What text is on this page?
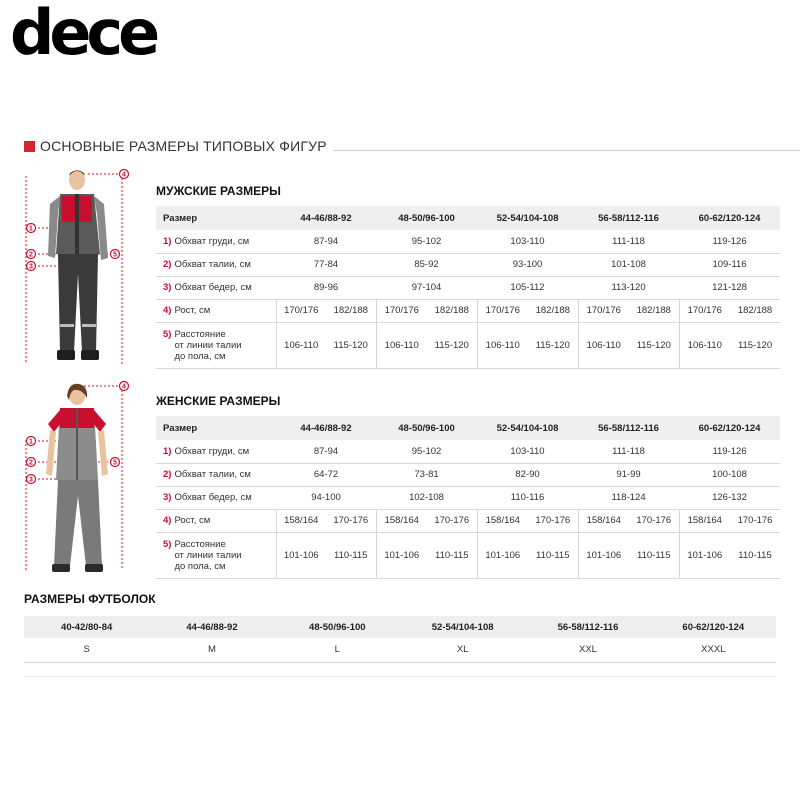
dece
ОСНОВНЫЕ РАЗМЕРЫ ТИПОВЫХ ФИГУР
1
2
3
4
5
1
2
3
4
5
МУЖСКИЕ РАЗМЕРЫ
Размер	44-46/88-92		48-50/96-100		52-54/104-108		56-58/112-116		60-62/120-124	
1) Обхват груди, см	87-94		95-102		103-110		111-118		119-126	
2) Обхват талии, см	77-84		85-92		93-100		101-108		109-116	
3) Обхват бедер, см	89-96		97-104		105-112		113-120		121-128	
4) Рост, см	170/176	182/188	170/176	182/188	170/176	182/188	170/176	182/188	170/176	182/188
5) Расстояние
от линии талии
до пола, см	106-110	115-120	106-110	115-120	106-110	115-120	106-110	115-120	106-110	115-120
ЖЕНСКИЕ РАЗМЕРЫ
Размер	44-46/88-92		48-50/96-100		52-54/104-108		56-58/112-116		60-62/120-124	
1) Обхват груди, см	87-94		95-102		103-110		111-118		119-126	
2) Обхват талии, см	64-72		73-81		82-90		91-99		100-108	
3) Обхват бедер, см	94-100		102-108		110-116		118-124		126-132	
4) Рост, см	158/164	170-176	158/164	170-176	158/164	170-176	158/164	170-176	158/164	170-176
5) Расстояние
от линии талии
до пола, см	101-106	110-115	101-106	110-115	101-106	110-115	101-106	110-115	101-106	110-115
РАЗМЕРЫ ФУТБОЛОК
40-42/80-84	44-46/88-92	48-50/96-100	52-54/104-108	56-58/112-116	60-62/120-124
S	M	L	XL	XXL	XXXL
